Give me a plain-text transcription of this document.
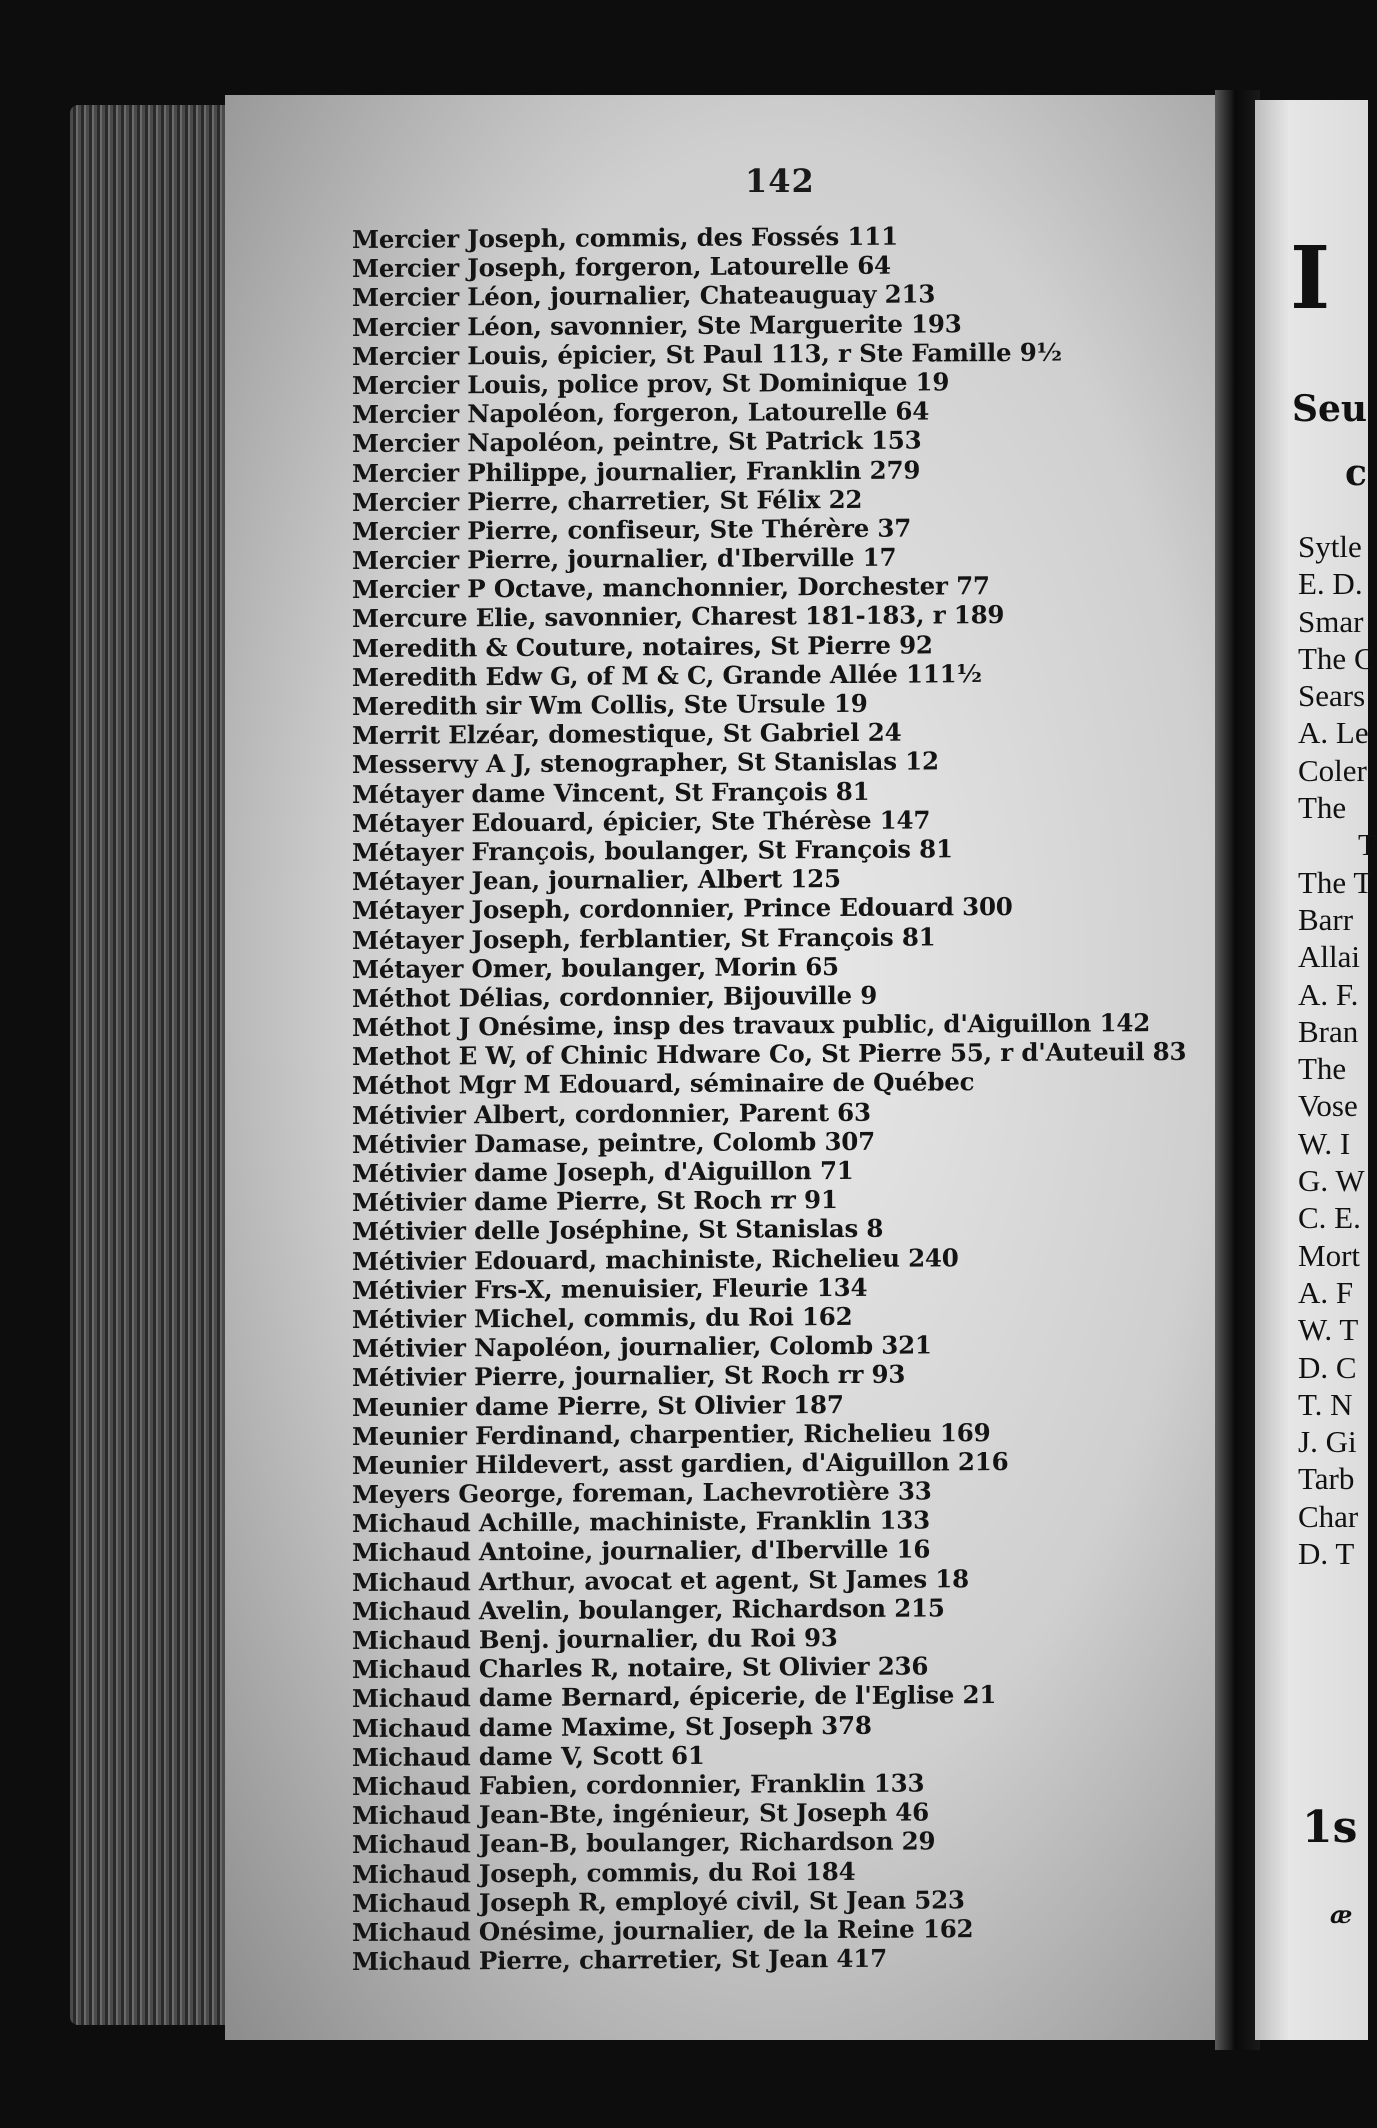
142
Mercier Joseph, commis, des Fossés 111
Mercier Joseph, forgeron, Latourelle 64
Mercier Léon, journalier, Chateauguay 213
Mercier Léon, savonnier, Ste Marguerite 193
Mercier Louis, épicier, St Paul 113, r Ste Famille 9½
Mercier Louis, police prov, St Dominique 19
Mercier Napoléon, forgeron, Latourelle 64
Mercier Napoléon, peintre, St Patrick 153
Mercier Philippe, journalier, Franklin 279
Mercier Pierre, charretier, St Félix 22
Mercier Pierre, confiseur, Ste Thérère 37
Mercier Pierre, journalier, d'Iberville 17
Mercier P Octave, manchonnier, Dorchester 77
Mercure Elie, savonnier, Charest 181-183, r 189
Meredith & Couture, notaires, St Pierre 92
Meredith Edw G, of M & C, Grande Allée 111½
Meredith sir Wm Collis, Ste Ursule 19
Merrit Elzéar, domestique, St Gabriel 24
Messervy A J, stenographer, St Stanislas 12
Métayer dame Vincent, St François 81
Métayer Edouard, épicier, Ste Thérèse 147
Métayer François, boulanger, St François 81
Métayer Jean, journalier, Albert 125
Métayer Joseph, cordonnier, Prince Edouard 300
Métayer Joseph, ferblantier, St François 81
Métayer Omer, boulanger, Morin 65
Méthot Délias, cordonnier, Bijouville 9
Méthot J Onésime, insp des travaux public, d'Aiguillon 142
Methot E W, of Chinic Hdware Co, St Pierre 55, r d'Auteuil 83
Méthot Mgr M Edouard, séminaire de Québec
Métivier Albert, cordonnier, Parent 63
Métivier Damase, peintre, Colomb 307
Métivier dame Joseph, d'Aiguillon 71
Métivier dame Pierre, St Roch rr 91
Métivier delle Joséphine, St Stanislas 8
Métivier Edouard, machiniste, Richelieu 240
Métivier Frs-X, menuisier, Fleurie 134
Métivier Michel, commis, du Roi 162
Métivier Napoléon, journalier, Colomb 321
Métivier Pierre, journalier, St Roch rr 93
Meunier dame Pierre, St Olivier 187
Meunier Ferdinand, charpentier, Richelieu 169
Meunier Hildevert, asst gardien, d'Aiguillon 216
Meyers George, foreman, Lachevrotière 33
Michaud Achille, machiniste, Franklin 133
Michaud Antoine, journalier, d'Iberville 16
Michaud Arthur, avocat et agent, St James 18
Michaud Avelin, boulanger, Richardson 215
Michaud Benj. journalier, du Roi 93
Michaud Charles R, notaire, St Olivier 236
Michaud dame Bernard, épicerie, de l'Eglise 21
Michaud dame Maxime, St Joseph 378
Michaud dame V, Scott 61
Michaud Fabien, cordonnier, Franklin 133
Michaud Jean-Bte, ingénieur, St Joseph 46
Michaud Jean-B, boulanger, Richardson 29
Michaud Joseph, commis, du Roi 184
Michaud Joseph R, employé civil, St Jean 523
Michaud Onésime, journalier, de la Reine 162
Michaud Pierre, charretier, St Jean 417
I
Seu
c
Sytle
E. D.
Smar
The C
Sears
A. Le
Coler
The
T
The T
Barr
Allai
A. F.
Bran
The
Vose
W. I
G. W
C. E.
Mort
A. F
W. T
D. C
T. N
J. Gi
Tarb
Char
D. T
1s
æ
